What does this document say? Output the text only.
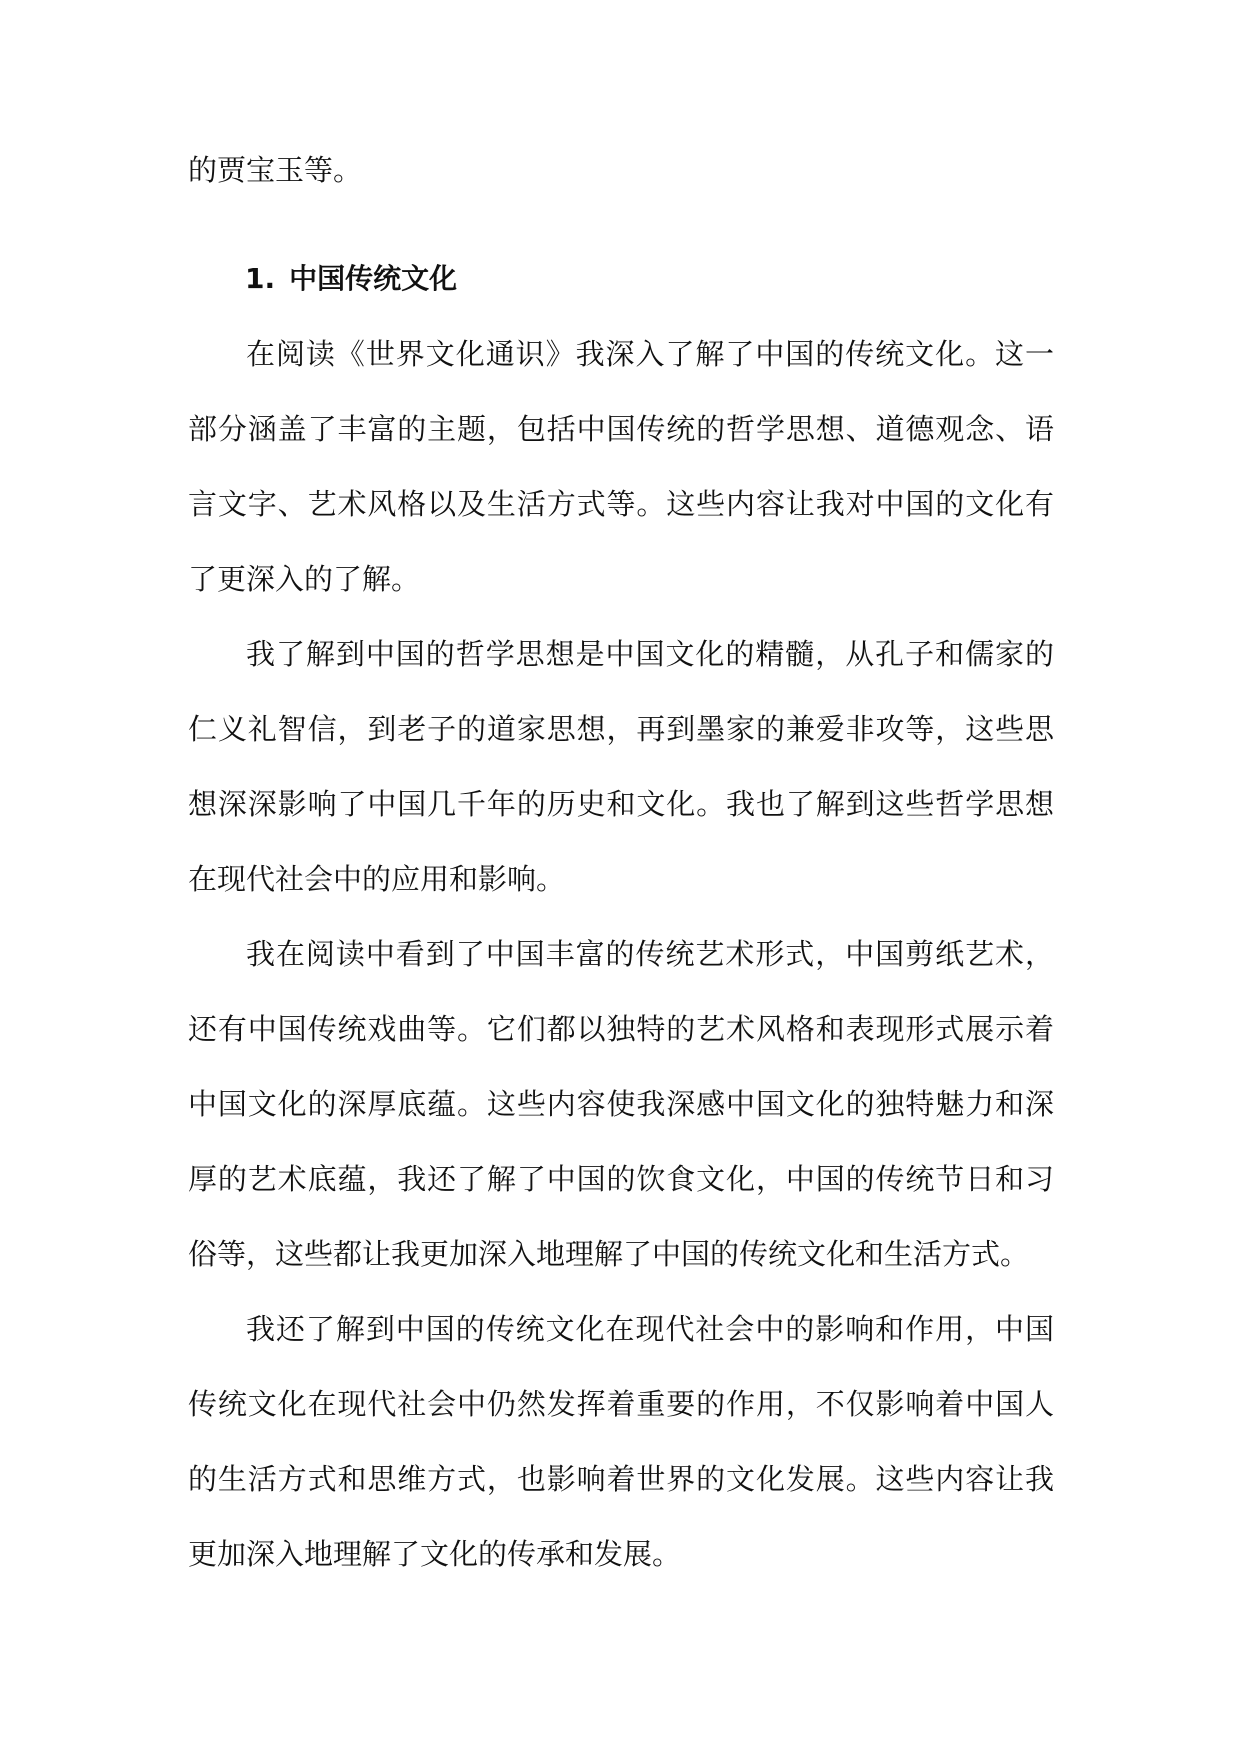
的贾宝玉等。

1. 中国传统文化

在阅读《世界文化通识》我深入了解了中国的传统文化。这一部分涵盖了丰富的主题，包括中国传统的哲学思想、道德观念、语言文字、艺术风格以及生活方式等。这些内容让我对中国的文化有了更深入的了解。

我了解到中国的哲学思想是中国文化的精髓，从孔子和儒家的仁义礼智信，到老子的道家思想，再到墨家的兼爱非攻等，这些思想深深影响了中国几千年的历史和文化。我也了解到这些哲学思想在现代社会中的应用和影响。

我在阅读中看到了中国丰富的传统艺术形式，中国剪纸艺术，还有中国传统戏曲等。它们都以独特的艺术风格和表现形式展示着中国文化的深厚底蕴。这些内容使我深感中国文化的独特魅力和深厚的艺术底蕴，我还了解了中国的饮食文化，中国的传统节日和习俗等，这些都让我更加深入地理解了中国的传统文化和生活方式。

我还了解到中国的传统文化在现代社会中的影响和作用，中国传统文化在现代社会中仍然发挥着重要的作用，不仅影响着中国人的生活方式和思维方式，也影响着世界的文化发展。这些内容让我更加深入地理解了文化的传承和发展。
